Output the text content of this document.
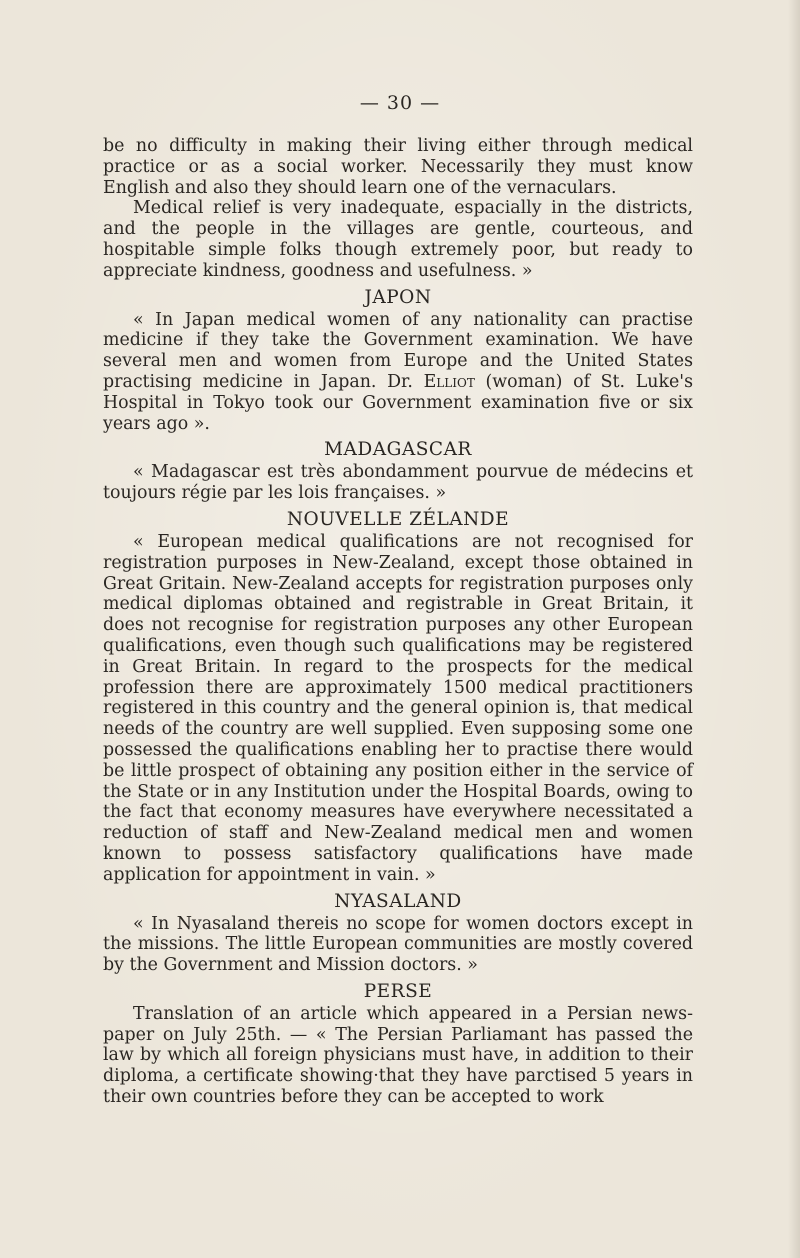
— 30 —

be no difficulty in making their living either through medical practice or as a social worker. Necessarily they must know English and also they should learn one of the vernaculars.

Medical relief is very inadequate, espacially in the districts, and the people in the villages are gentle, courteous, and hospitable simple folks though extremely poor, but ready to appreciate kindness, goodness and usefulness. »

JAPON

« In Japan medical women of any nationality can practise medicine if they take the Government examination. We have several men and women from Europe and the United States practising medicine in Japan. Dr. Elliot (woman) of St. Luke's Hospital in Tokyo took our Government examination five or six years ago ».

MADAGASCAR

« Madagascar est très abondamment pourvue de médecins et toujours régie par les lois françaises. »

NOUVELLE ZÉLANDE

« European medical qualifications are not recognised for registration purposes in New-Zealand, except those obtained in Great Gritain. New-Zealand accepts for registration purposes only medical diplomas obtained and registrable in Great Britain, it does not recognise for registration purposes any other European qualifications, even though such qualifications may be registered in Great Britain. In regard to the prospects for the medical profession there are approximately 1500 medical practitioners registered in this country and the general opinion is, that medical needs of the country are well supplied. Even supposing some one possessed the qualifications enabling her to practise there would be little prospect of obtaining any position either in the service of the State or in any Institution under the Hospital Boards, owing to the fact that economy measures have everywhere necessitated a reduction of staff and New-Zealand medical men and women known to possess satisfactory qualifications have made application for appointment in vain. »

NYASALAND

« In Nyasaland thereis no scope for women doctors except in the missions. The little European communities are mostly covered by the Government and Mission doctors. »

PERSE

Translation of an article which appeared in a Persian newspaper on July 25th. — « The Persian Parliamant has passed the law by which all foreign physicians must have, in addition to their diploma, a certificate showing·that they have parctised 5 years in their own countries before they can be accepted to work
